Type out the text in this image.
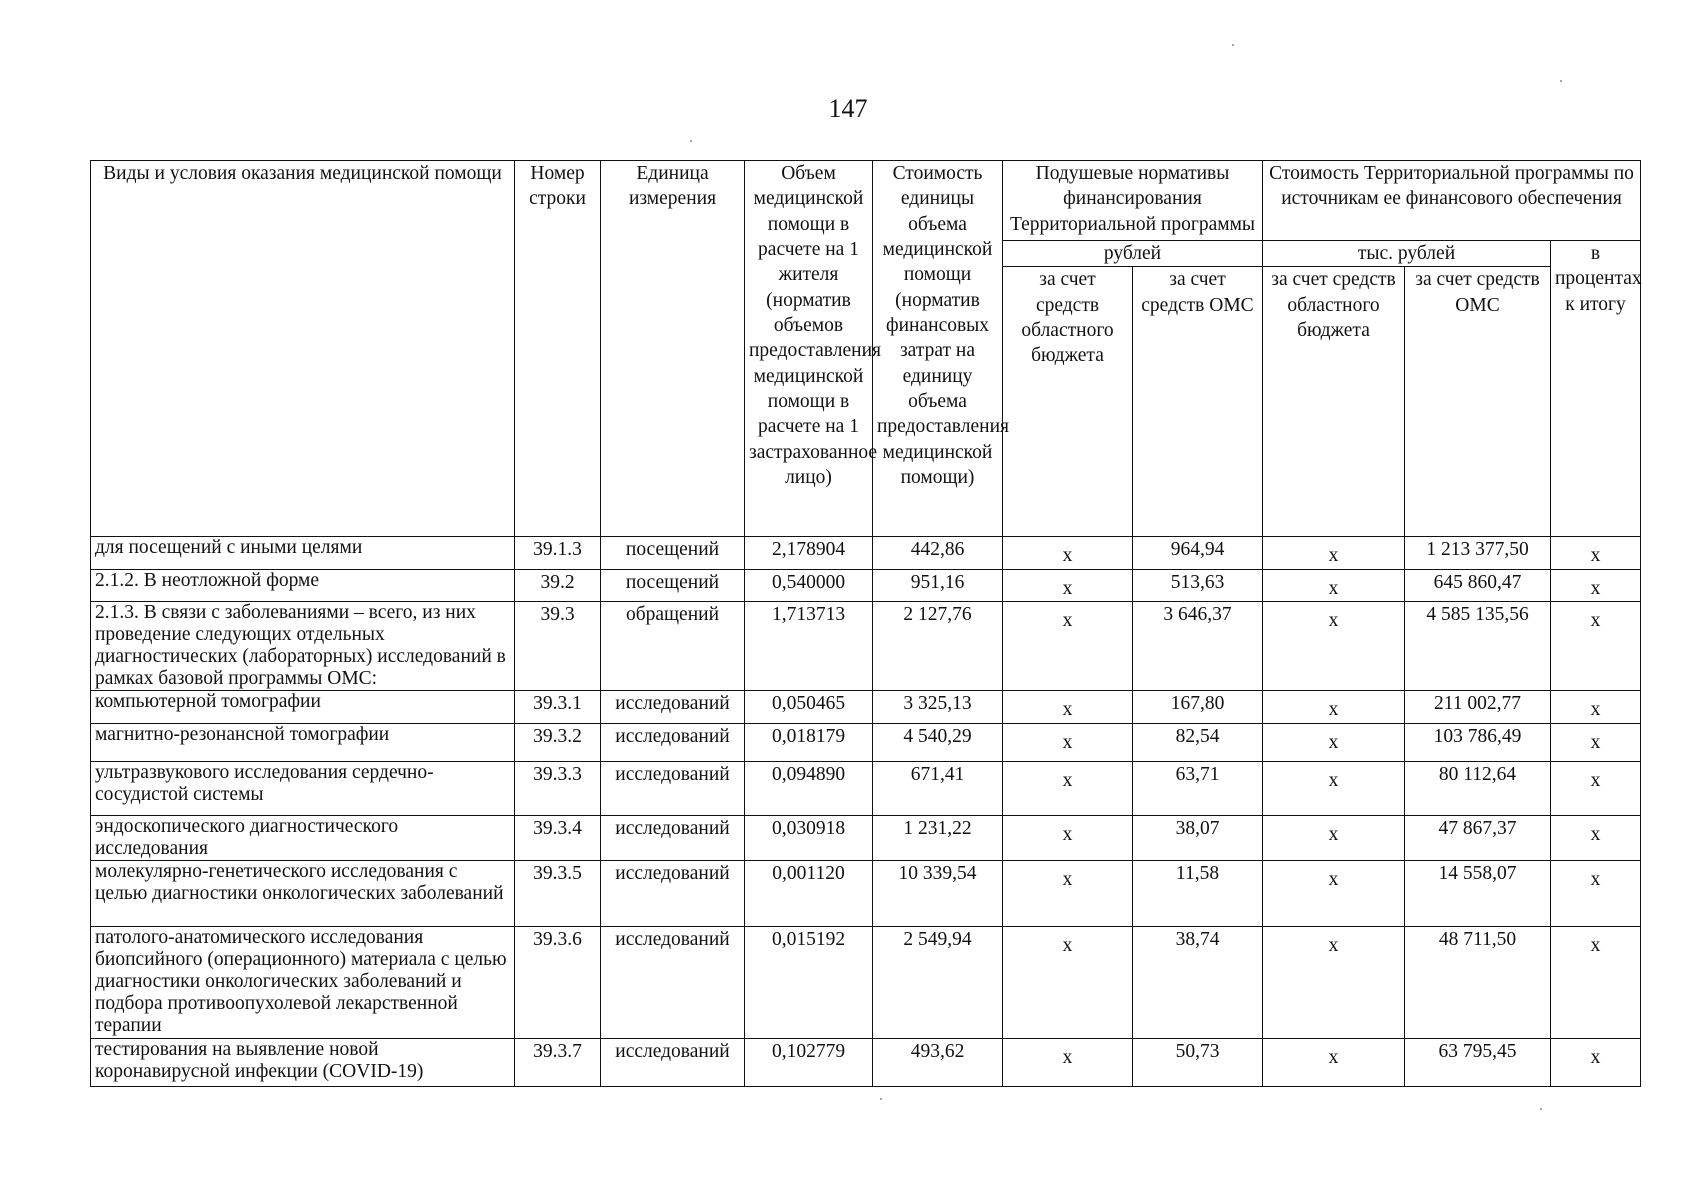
147
Виды и условия оказания медицинской помощи	Номер строки	Единица измерения	Объем медицинской помощи в расчете на 1 жителя (норматив объемов предоставления медицинской помощи в расчете на 1 застрахованное лицо)	Стоимость единицы объема медицинской помощи (норматив финансовых затрат на единицу объема предоставления медицинской помощи)	Подушевые нормативы финансирования Территориальной программы		Стоимость Территориальной программы по источникам ее финансового обеспечения		
					рублей		тыс. рублей		в процентах к итогу
					за счет средств областного бюджета	за счет средств ОМС	за счет средств областного бюджета	за счет средств ОМС	
для посещений с иными целями	39.1.3	посещений	2,178904	442,86	х	964,94	х	1 213 377,50	х
2.1.2. В неотложной форме	39.2	посещений	0,540000	951,16	х	513,63	х	645 860,47	х
2.1.3. В связи с заболеваниями – всего, из них проведение следующих отдельных диагностических (лабораторных) исследований в рамках базовой программы ОМС:	39.3	обращений	1,713713	2 127,76	х	3 646,37	х	4 585 135,56	х
компьютерной томографии	39.3.1	исследований	0,050465	3 325,13	х	167,80	х	211 002,77	х
магнитно-резонансной томографии	39.3.2	исследований	0,018179	4 540,29	х	82,54	х	103 786,49	х
ультразвукового исследования сердечно-сосудистой системы	39.3.3	исследований	0,094890	671,41	х	63,71	х	80 112,64	х
эндоскопического диагностического исследования	39.3.4	исследований	0,030918	1 231,22	х	38,07	х	47 867,37	х
молекулярно-генетического исследования с целью диагностики онкологических заболеваний	39.3.5	исследований	0,001120	10 339,54	х	11,58	х	14 558,07	х
патолого-анатомического исследования биопсийного (операционного) материала с целью диагностики онкологических заболеваний и подбора противоопухолевой лекарственной терапии	39.3.6	исследований	0,015192	2 549,94	х	38,74	х	48 711,50	х
тестирования на выявление новой коронавирусной инфекции (COVID-19)	39.3.7	исследований	0,102779	493,62	х	50,73	х	63 795,45	х
